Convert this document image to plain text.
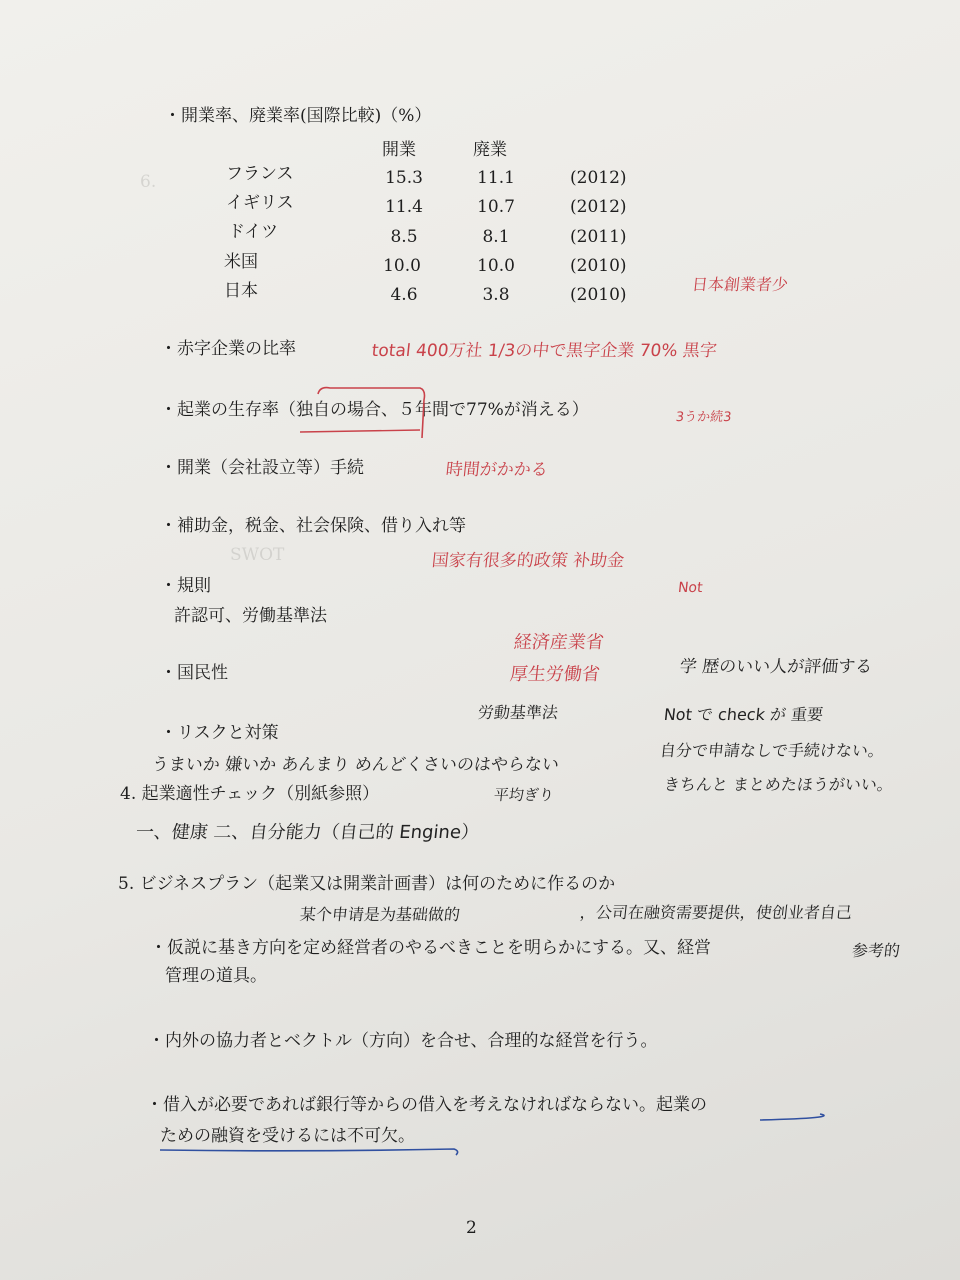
6.
SWOT
・開業率、廃業率(国際比較)（%）
開業	廃業
フランス	15.3	11.1	(2012)
イギリス	11.4	10.7	(2012)
ドイツ	8.5	8.1	(2011)
米国	10.0	10.0	(2010)
日本	4.6	3.8	(2010)
・赤字企業の比率
・起業の生存率（独自の場合、５年間で77%が消える）
・開業（会社設立等）手続
・補助金，税金、社会保険、借り入れ等
・規則
許認可、労働基準法
・国民性
・リスクと対策
4. 起業適性チェック（別紙参照）
5. ビジネスプラン（起業又は開業計画書）は何のために作るのか
・仮説に基き方向を定め経営者のやるべきことを明らかにする。又、経営
管理の道具。
・内外の協力者とベクトル（方向）を合せ、合理的な経営を行う。
・借入が必要であれば銀行等からの借入を考えなければならない。起業の
ための融資を受けるには不可欠。
2
日本創業者少
total 400万社 1/3の中で黒字企業 70% 黒字
3うか続3
時間がかかる
国家有很多的政策 补助金
Not
経済産業省
厚生労働省	学 歴のいい人が評価する
労動基準法	Not で check が 重要
自分で申請なしで手続けない。
きちんと まとめたほうがいい。
うまいか 嫌いか あんまり めんどくさいのはやらない
平均ぎり
一、健康 二、自分能力（自己的 Engine）
某个申请是为基础做的	，公司在融资需要提供，使创业者自己
参考的
